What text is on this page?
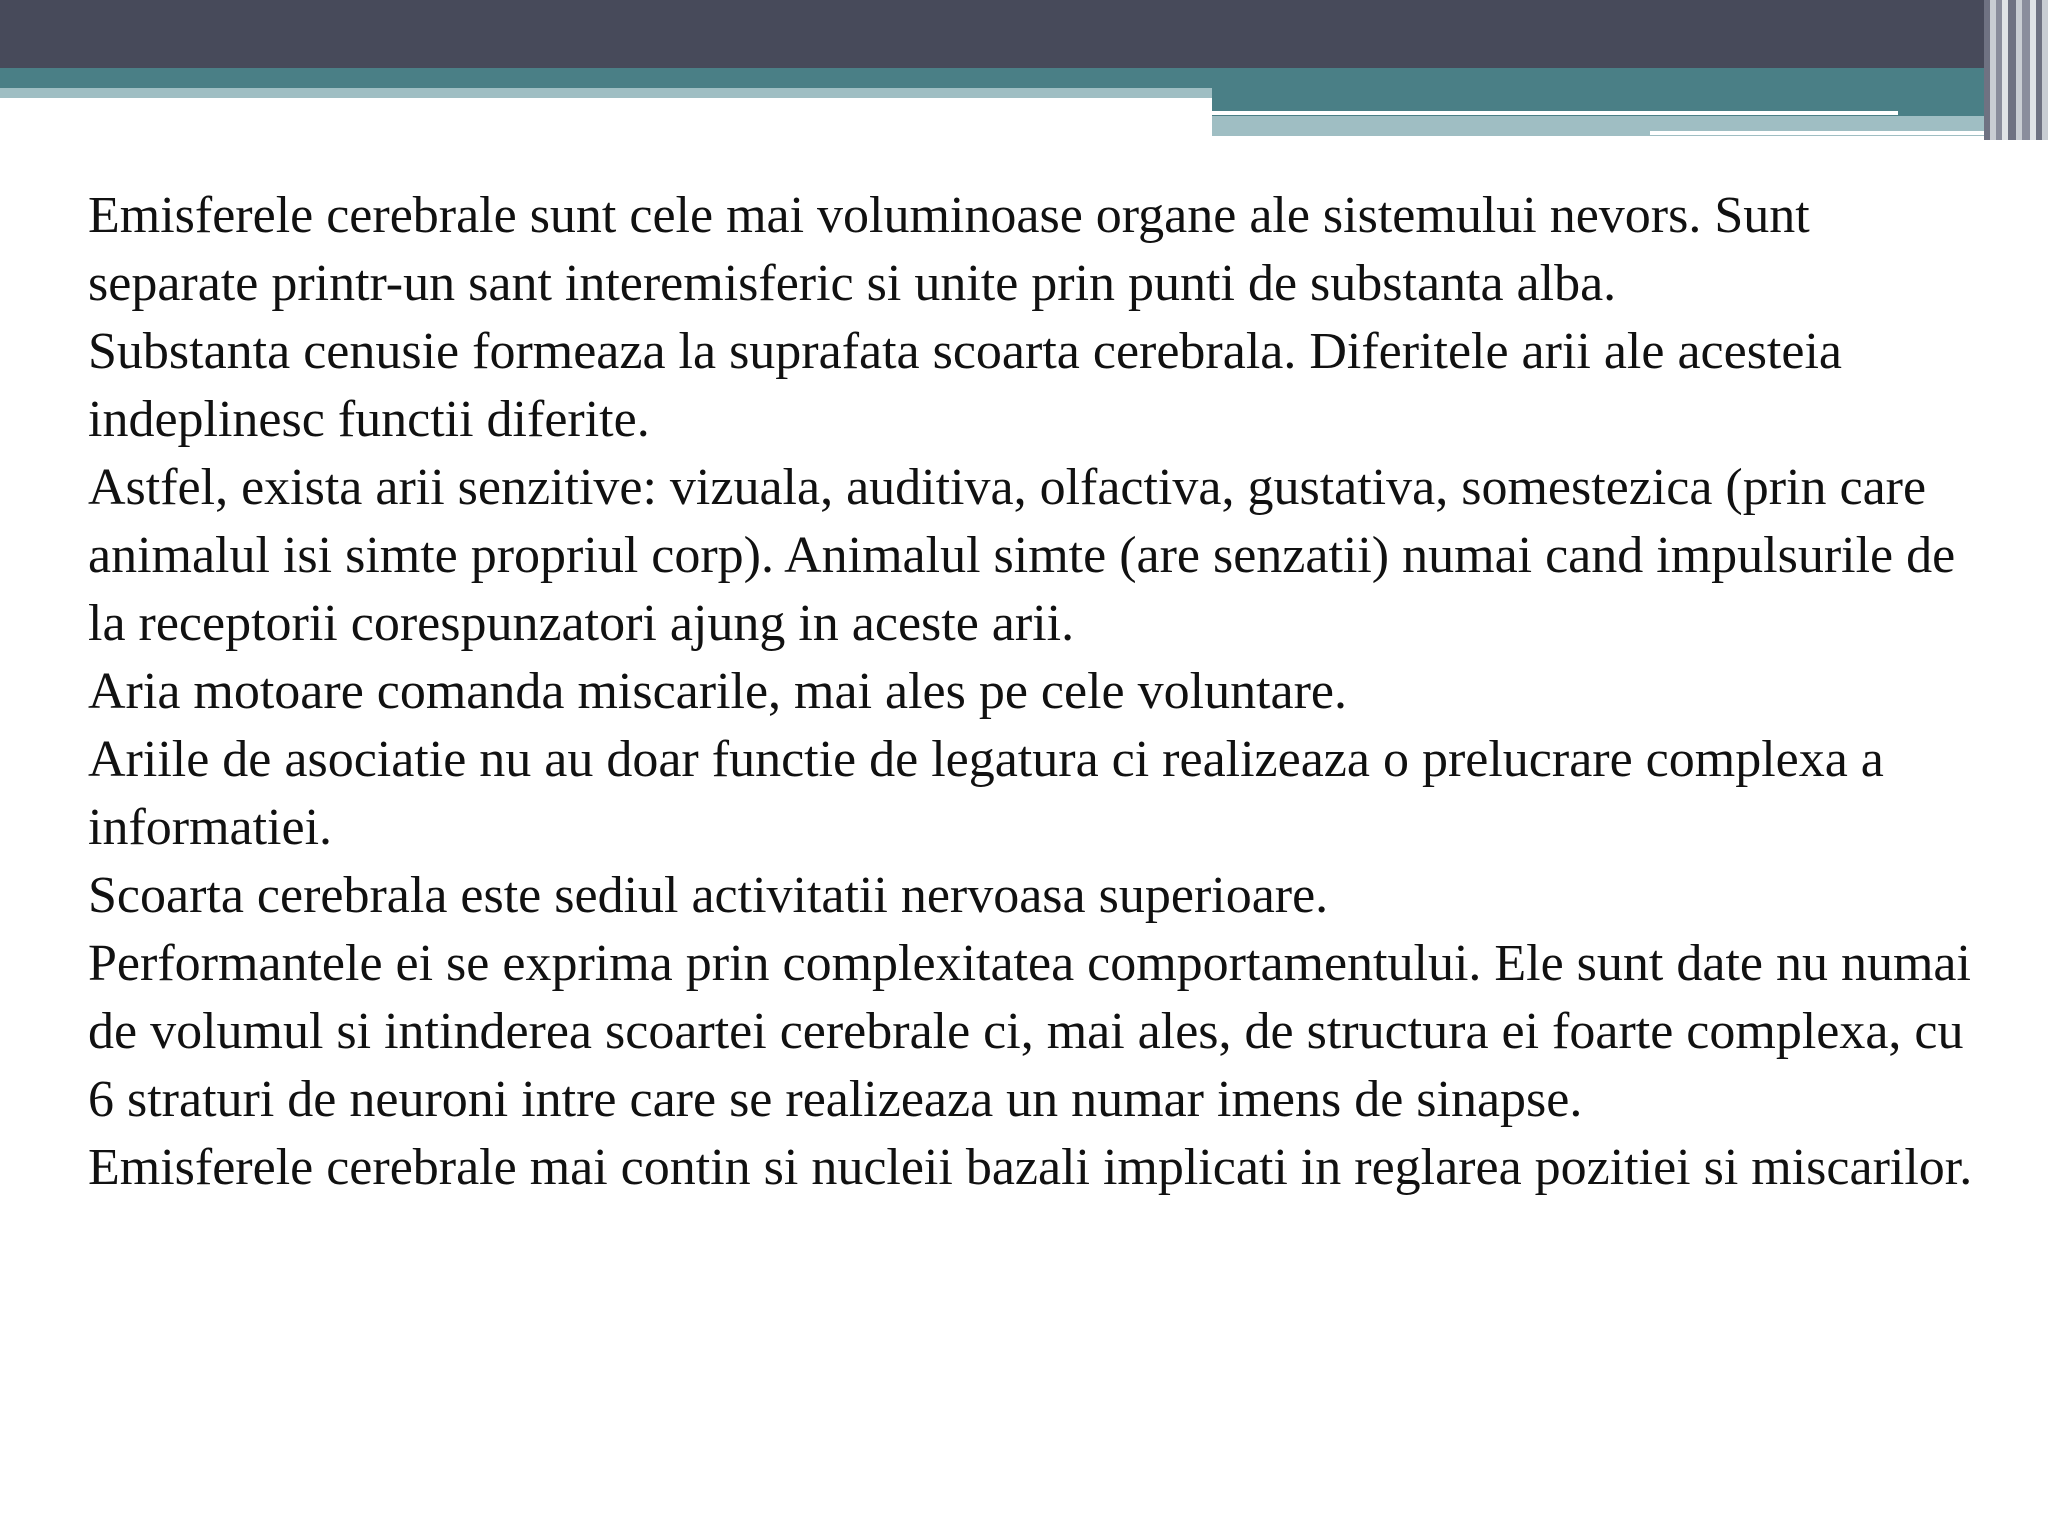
Emisferele cerebrale sunt cele mai voluminoase organe ale sistemului nevors. Sunt separate printr-un sant interemisferic si unite prin punti de substanta alba.

Substanta cenusie formeaza la suprafata scoarta cerebrala. Diferitele arii ale acesteia indeplinesc functii diferite.

Astfel, exista arii senzitive: vizuala, auditiva, olfactiva, gustativa, somestezica (prin care animalul isi simte propriul corp). Animalul simte (are senzatii) numai cand impulsurile de la receptorii corespunzatori ajung in aceste arii.

Aria motoare comanda miscarile, mai ales pe cele voluntare.

Ariile de asociatie nu au doar functie de legatura ci realizeaza o prelucrare complexa a informatiei.

Scoarta cerebrala este sediul activitatii nervoasa superioare.

Performantele ei se exprima prin complexitatea comportamentului. Ele sunt date nu numai de volumul si intinderea scoartei cerebrale ci, mai ales, de structura ei foarte complexa, cu 6 straturi de neuroni intre care se realizeaza un numar imens de sinapse.

Emisferele cerebrale mai contin si nucleii bazali implicati in reglarea pozitiei si miscarilor.
